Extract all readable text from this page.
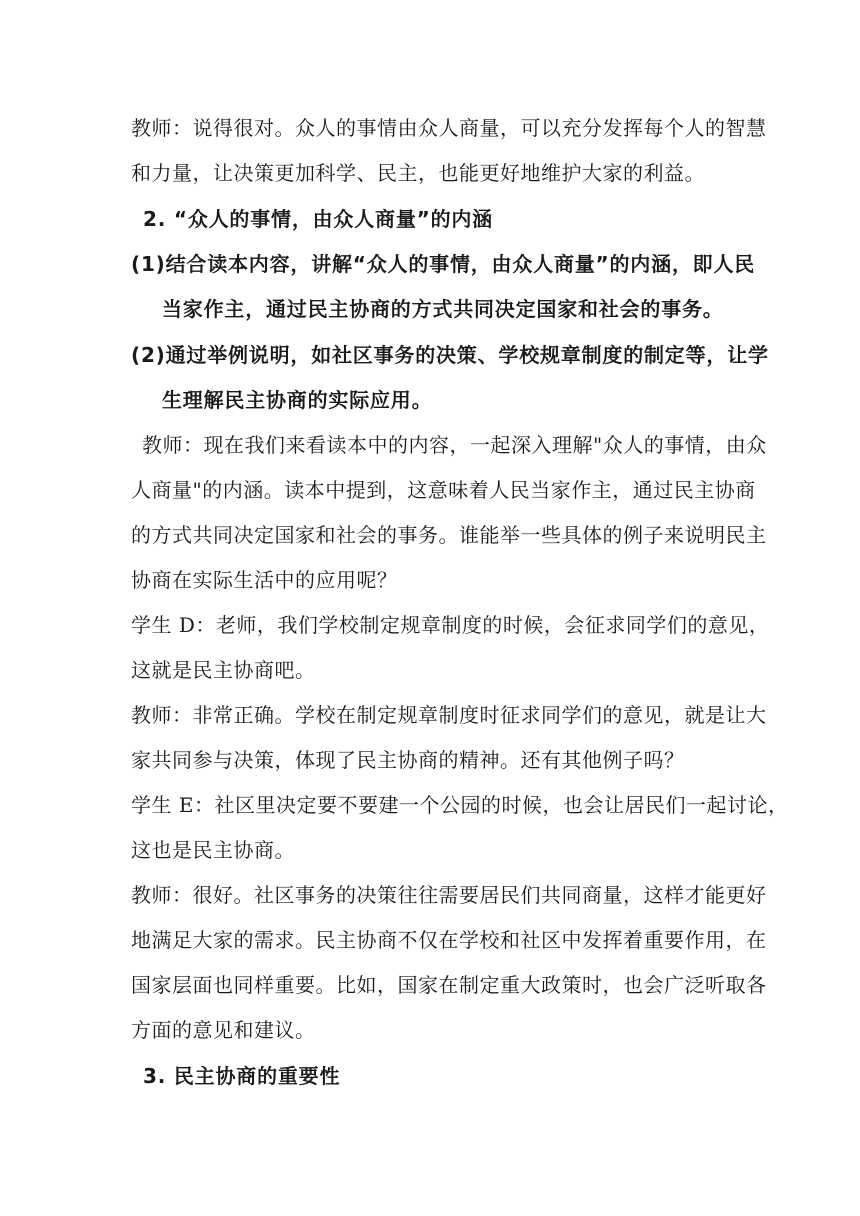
教师：说得很对。众人的事情由众人商量，可以充分发挥每个人的智慧
和力量，让决策更加科学、民主，也能更好地维护大家的利益。
2. “众人的事情，由众人商量”的内涵
(1)结合读本内容，讲解“众人的事情，由众人商量”的内涵，即人民
当家作主，通过民主协商的方式共同决定国家和社会的事务。
(2)通过举例说明，如社区事务的决策、学校规章制度的制定等，让学
生理解民主协商的实际应用。
教师：现在我们来看读本中的内容，一起深入理解"众人的事情，由众
人商量"的内涵。读本中提到，这意味着人民当家作主，通过民主协商
的方式共同决定国家和社会的事务。谁能举一些具体的例子来说明民主
协商在实际生活中的应用呢？
学生 D：老师，我们学校制定规章制度的时候，会征求同学们的意见，
这就是民主协商吧。
教师：非常正确。学校在制定规章制度时征求同学们的意见，就是让大
家共同参与决策，体现了民主协商的精神。还有其他例子吗？
学生 E：社区里决定要不要建一个公园的时候，也会让居民们一起讨论，
这也是民主协商。
教师：很好。社区事务的决策往往需要居民们共同商量，这样才能更好
地满足大家的需求。民主协商不仅在学校和社区中发挥着重要作用，在
国家层面也同样重要。比如，国家在制定重大政策时，也会广泛听取各
方面的意见和建议。
3. 民主协商的重要性
